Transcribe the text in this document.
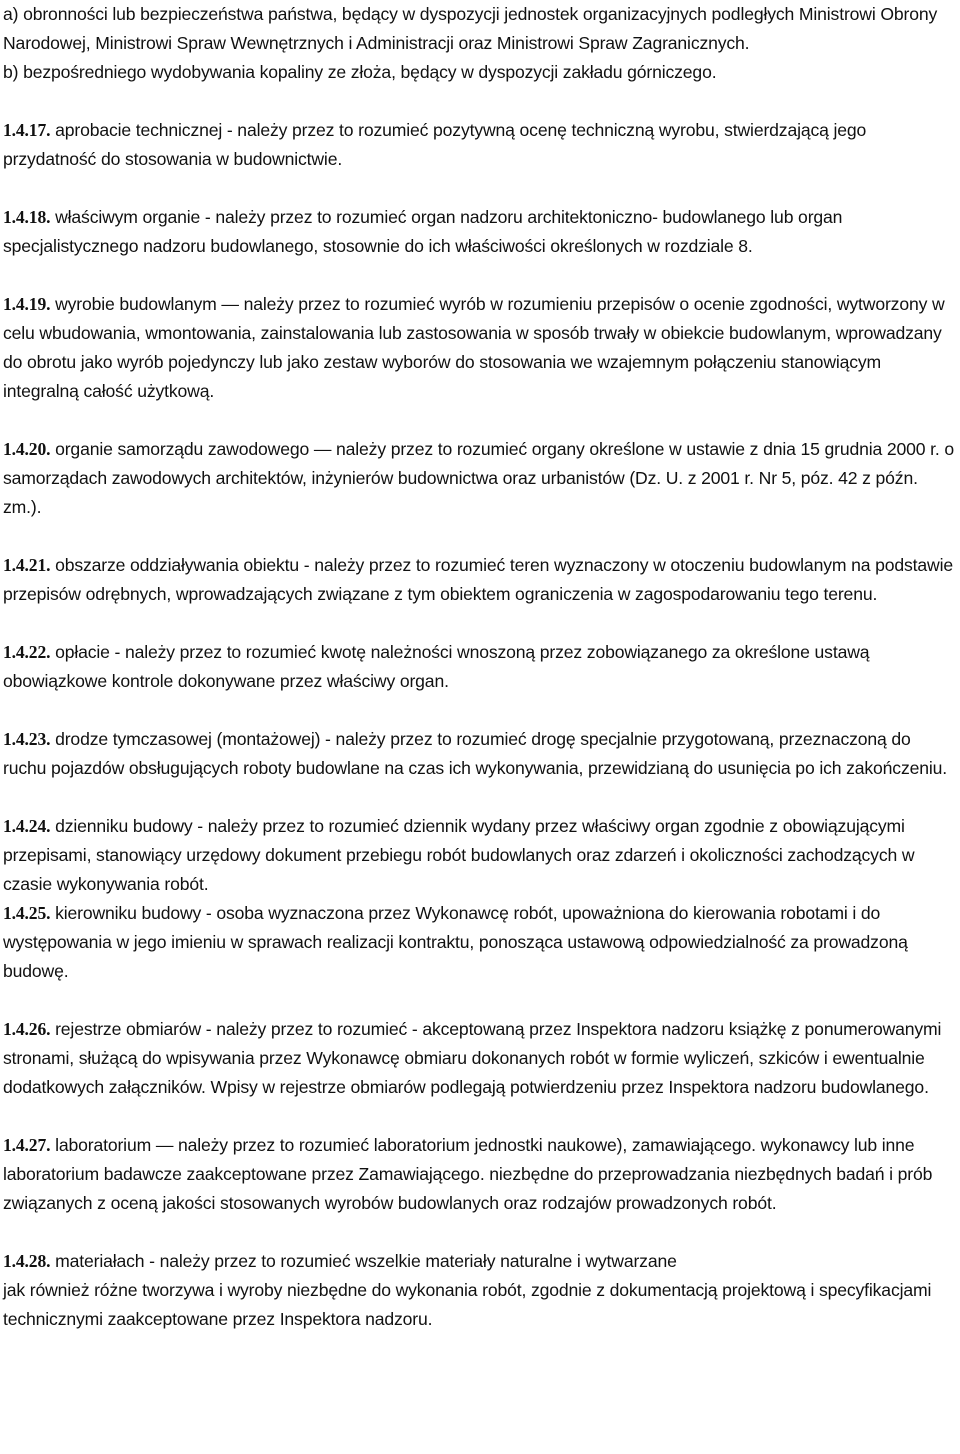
a) obronności lub bezpieczeństwa państwa, będący w dyspozycji jednostek organizacyjnych podległych Ministrowi Obrony Narodowej, Ministrowi Spraw Wewnętrznych i Administracji oraz Ministrowi Spraw Zagranicznych.

b) bezpośredniego wydobywania kopaliny ze złoża, będący w dyspozycji zakładu górniczego.

1.4.17. aprobacie technicznej - należy przez to rozumieć pozytywną ocenę techniczną wyrobu, stwierdzającą jego przydatność do stosowania w budownictwie.

1.4.18. właściwym organie - należy przez to rozumieć organ nadzoru architektoniczno- budowlanego lub organ specjalistycznego nadzoru budowlanego, stosownie do ich właściwości określonych w rozdziale 8.

1.4.19. wyrobie budowlanym — należy przez to rozumieć wyrób w rozumieniu przepisów o ocenie zgodności, wytworzony w celu wbudowania, wmontowania, zainstalowania lub zastosowania w sposób trwały w obiekcie budowlanym, wprowadzany do obrotu jako wyrób pojedynczy lub jako zestaw wyborów do stosowania we wzajemnym połączeniu stanowiącym integralną całość użytkową.

1.4.20. organie samorządu zawodowego — należy przez to rozumieć organy określone w ustawie z dnia 15 grudnia 2000 r. o samorządach zawodowych architektów, inżynierów budownictwa oraz urbanistów (Dz. U. z 2001 r. Nr 5, póz. 42 z późn. zm.).

1.4.21. obszarze oddziaływania obiektu - należy przez to rozumieć teren wyznaczony w otoczeniu budowlanym na podstawie przepisów odrębnych, wprowadzających związane z tym obiektem ograniczenia w zagospodarowaniu tego terenu.

1.4.22. opłacie - należy przez to rozumieć kwotę należności wnoszoną przez zobowiązanego za określone ustawą obowiązkowe kontrole dokonywane przez właściwy organ.

1.4.23. drodze tymczasowej (montażowej) - należy przez to rozumieć drogę specjalnie przygotowaną, przeznaczoną do ruchu pojazdów obsługujących roboty budowlane na czas ich wykonywania, przewidzianą do usunięcia po ich zakończeniu.

1.4.24. dzienniku budowy - należy przez to rozumieć dziennik wydany przez właściwy organ zgodnie z obowiązującymi przepisami, stanowiący urzędowy dokument przebiegu robót budowlanych oraz zdarzeń i okoliczności zachodzących w czasie wykonywania robót.

1.4.25. kierowniku budowy - osoba wyznaczona przez Wykonawcę robót, upoważniona do kierowania robotami i do występowania w jego imieniu w sprawach realizacji kontraktu, ponosząca ustawową odpowiedzialność za prowadzoną budowę.

1.4.26. rejestrze obmiarów - należy przez to rozumieć - akceptowaną przez Inspektora nadzoru książkę z ponumerowanymi stronami, służącą do wpisywania przez Wykonawcę obmiaru dokonanych robót w formie wyliczeń, szkiców i ewentualnie dodatkowych załączników. Wpisy w rejestrze obmiarów podlegają potwierdzeniu przez Inspektora nadzoru budowlanego.

1.4.27. laboratorium — należy przez to rozumieć laboratorium jednostki naukowe), zamawiającego. wykonawcy lub inne laboratorium badawcze zaakceptowane przez Zamawiającego. niezbędne do przeprowadzania niezbędnych badań i prób związanych z oceną jakości stosowanych wyrobów budowlanych oraz rodzajów prowadzonych robót.

1.4.28. materiałach - należy przez to rozumieć wszelkie materiały naturalne i wytwarzane

jak również różne tworzywa i wyroby niezbędne do wykonania robót, zgodnie z dokumentacją projektową i specyfikacjami technicznymi zaakceptowane przez Inspektora nadzoru.
